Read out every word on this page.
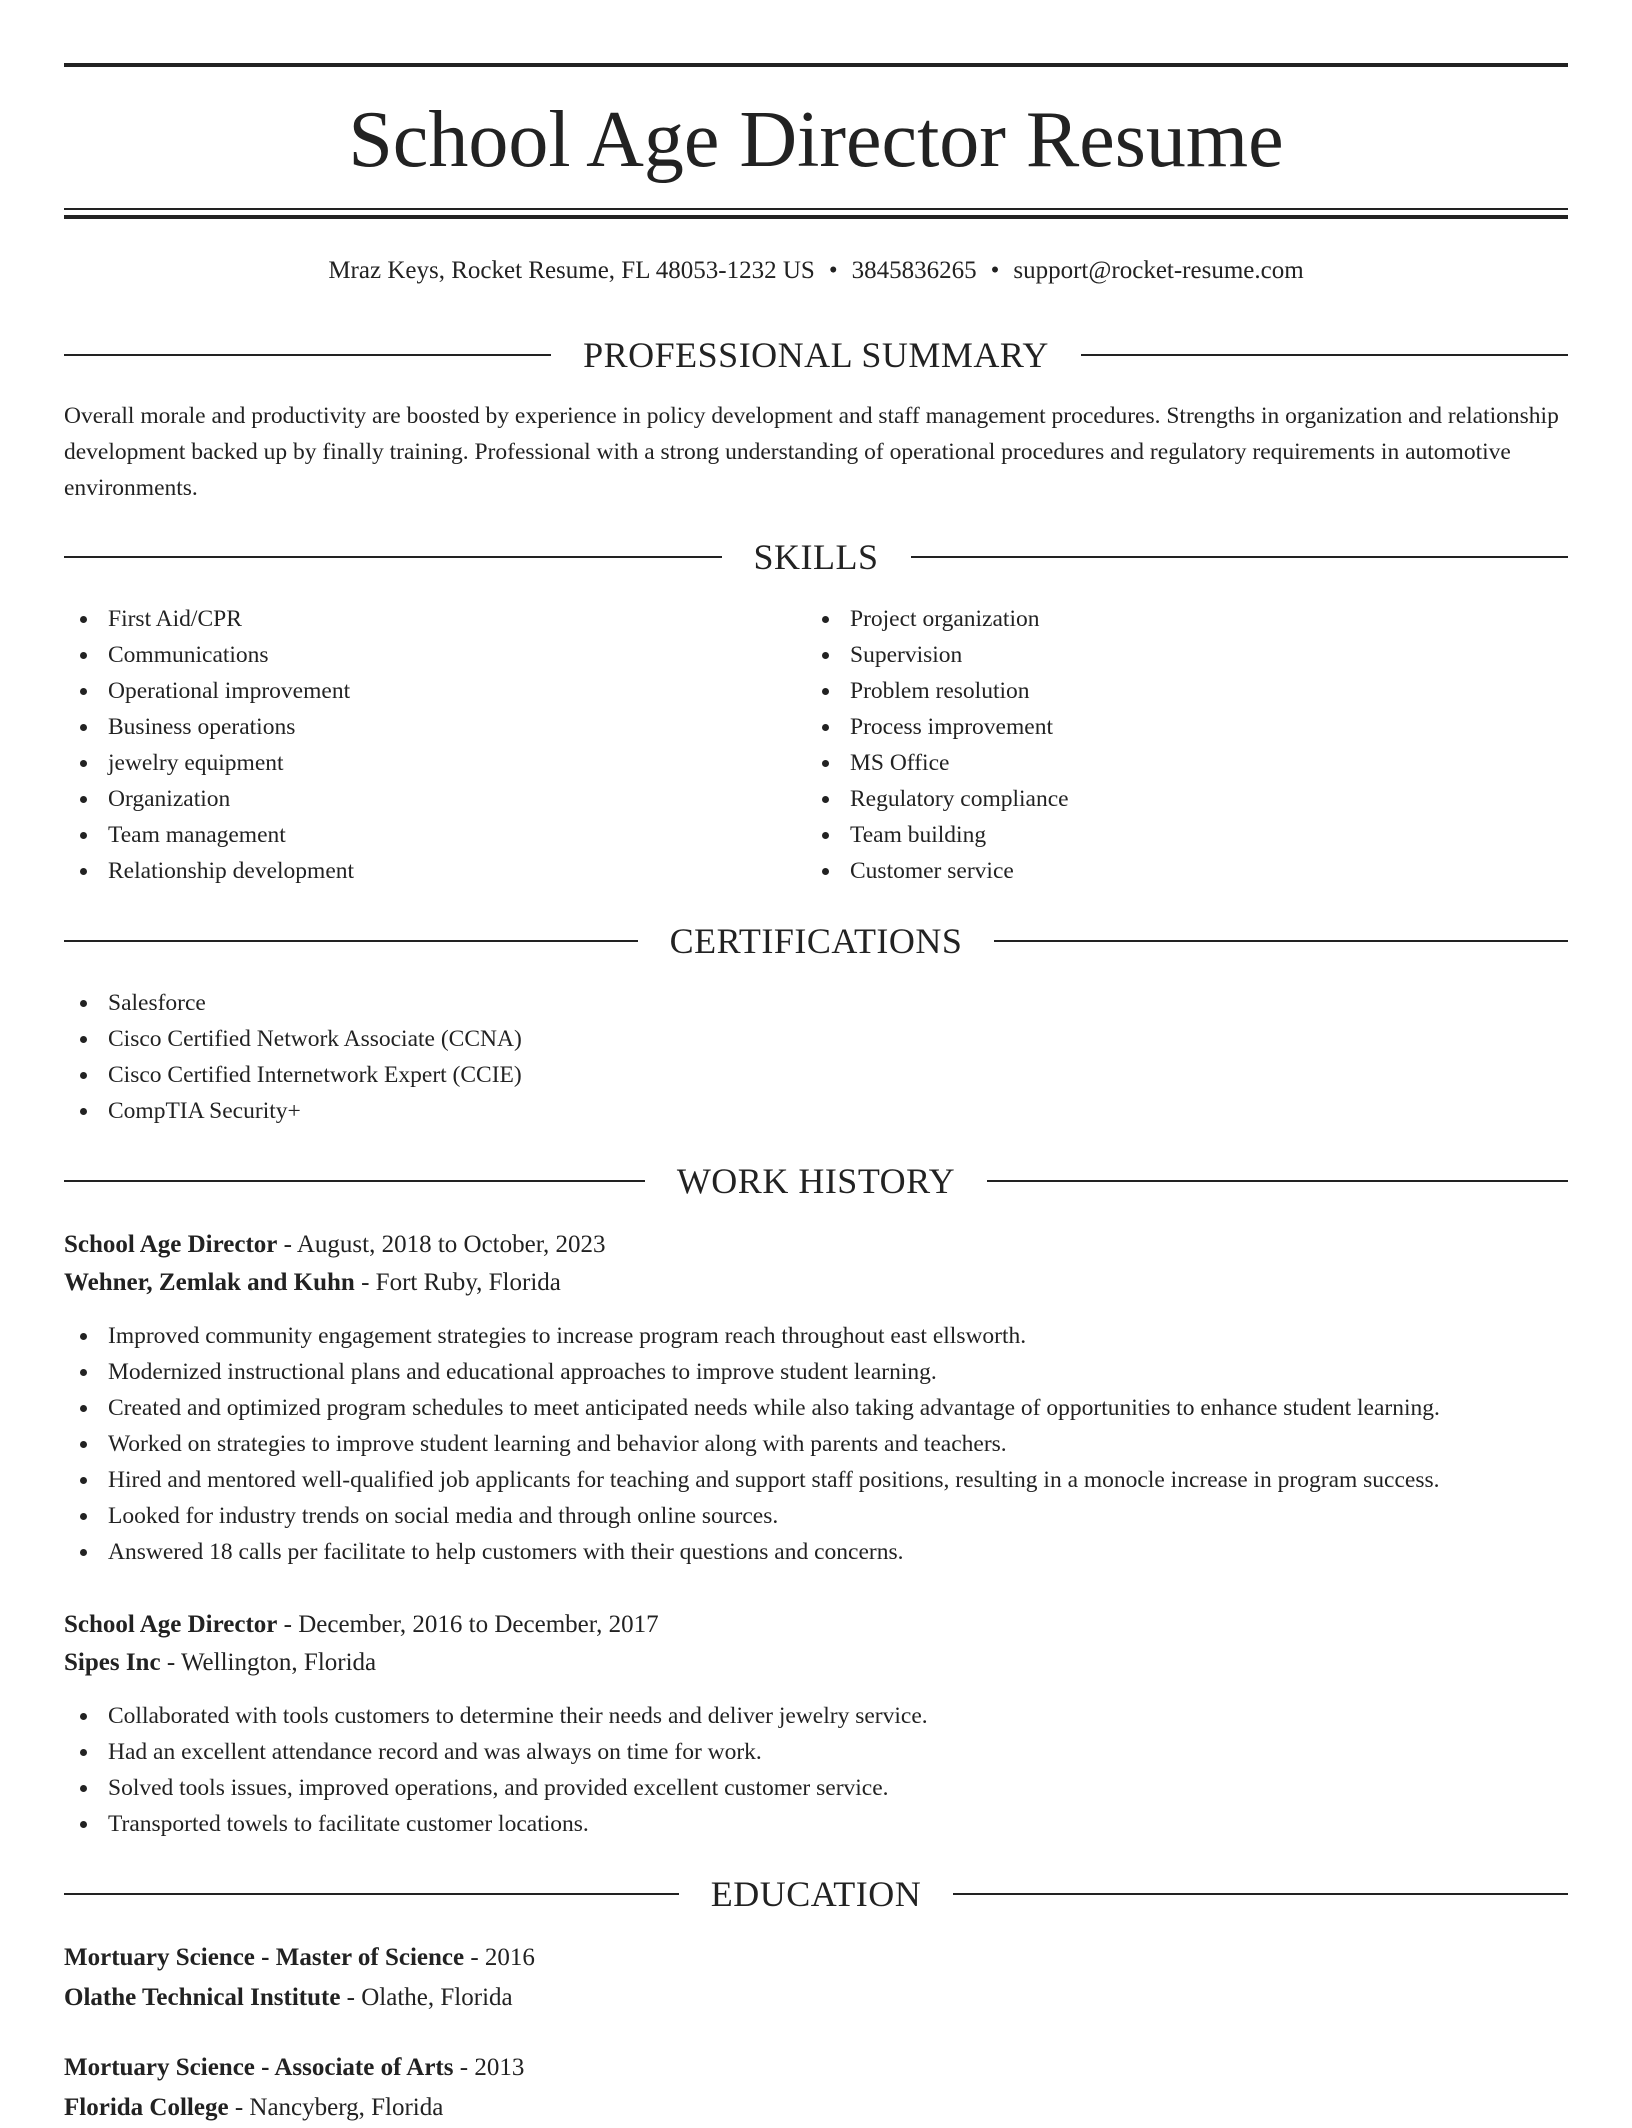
School Age Director Resume
Mraz Keys, Rocket Resume, FL 48053-1232 US • 3845836265 • support@rocket-resume.com
PROFESSIONAL SUMMARY

Overall morale and productivity are boosted by experience in policy development and staff management procedures. Strengths in organization and relationship development backed up by finally training. Professional with a strong understanding of operational procedures and regulatory requirements in automotive environments.

SKILLS
First Aid/CPR
Communications
Operational improvement
Business operations
jewelry equipment
Organization
Team management
Relationship development
Project organization
Supervision
Problem resolution
Process improvement
MS Office
Regulatory compliance
Team building
Customer service
CERTIFICATIONS
Salesforce
Cisco Certified Network Associate (CCNA)
Cisco Certified Internetwork Expert (CCIE)
CompTIA Security+
WORK HISTORY
School Age Director - August, 2018 to October, 2023
Wehner, Zemlak and Kuhn - Fort Ruby, Florida
Improved community engagement strategies to increase program reach throughout east ellsworth.
Modernized instructional plans and educational approaches to improve student learning.
Created and optimized program schedules to meet anticipated needs while also taking advantage of opportunities to enhance student learning.
Worked on strategies to improve student learning and behavior along with parents and teachers.
Hired and mentored well-qualified job applicants for teaching and support staff positions, resulting in a monocle increase in program success.
Looked for industry trends on social media and through online sources.
Answered 18 calls per facilitate to help customers with their questions and concerns.
School Age Director - December, 2016 to December, 2017
Sipes Inc - Wellington, Florida
Collaborated with tools customers to determine their needs and deliver jewelry service.
Had an excellent attendance record and was always on time for work.
Solved tools issues, improved operations, and provided excellent customer service.
Transported towels to facilitate customer locations.
EDUCATION
Mortuary Science - Master of Science - 2016
Olathe Technical Institute - Olathe, Florida
Mortuary Science - Associate of Arts - 2013
Florida College - Nancyberg, Florida
